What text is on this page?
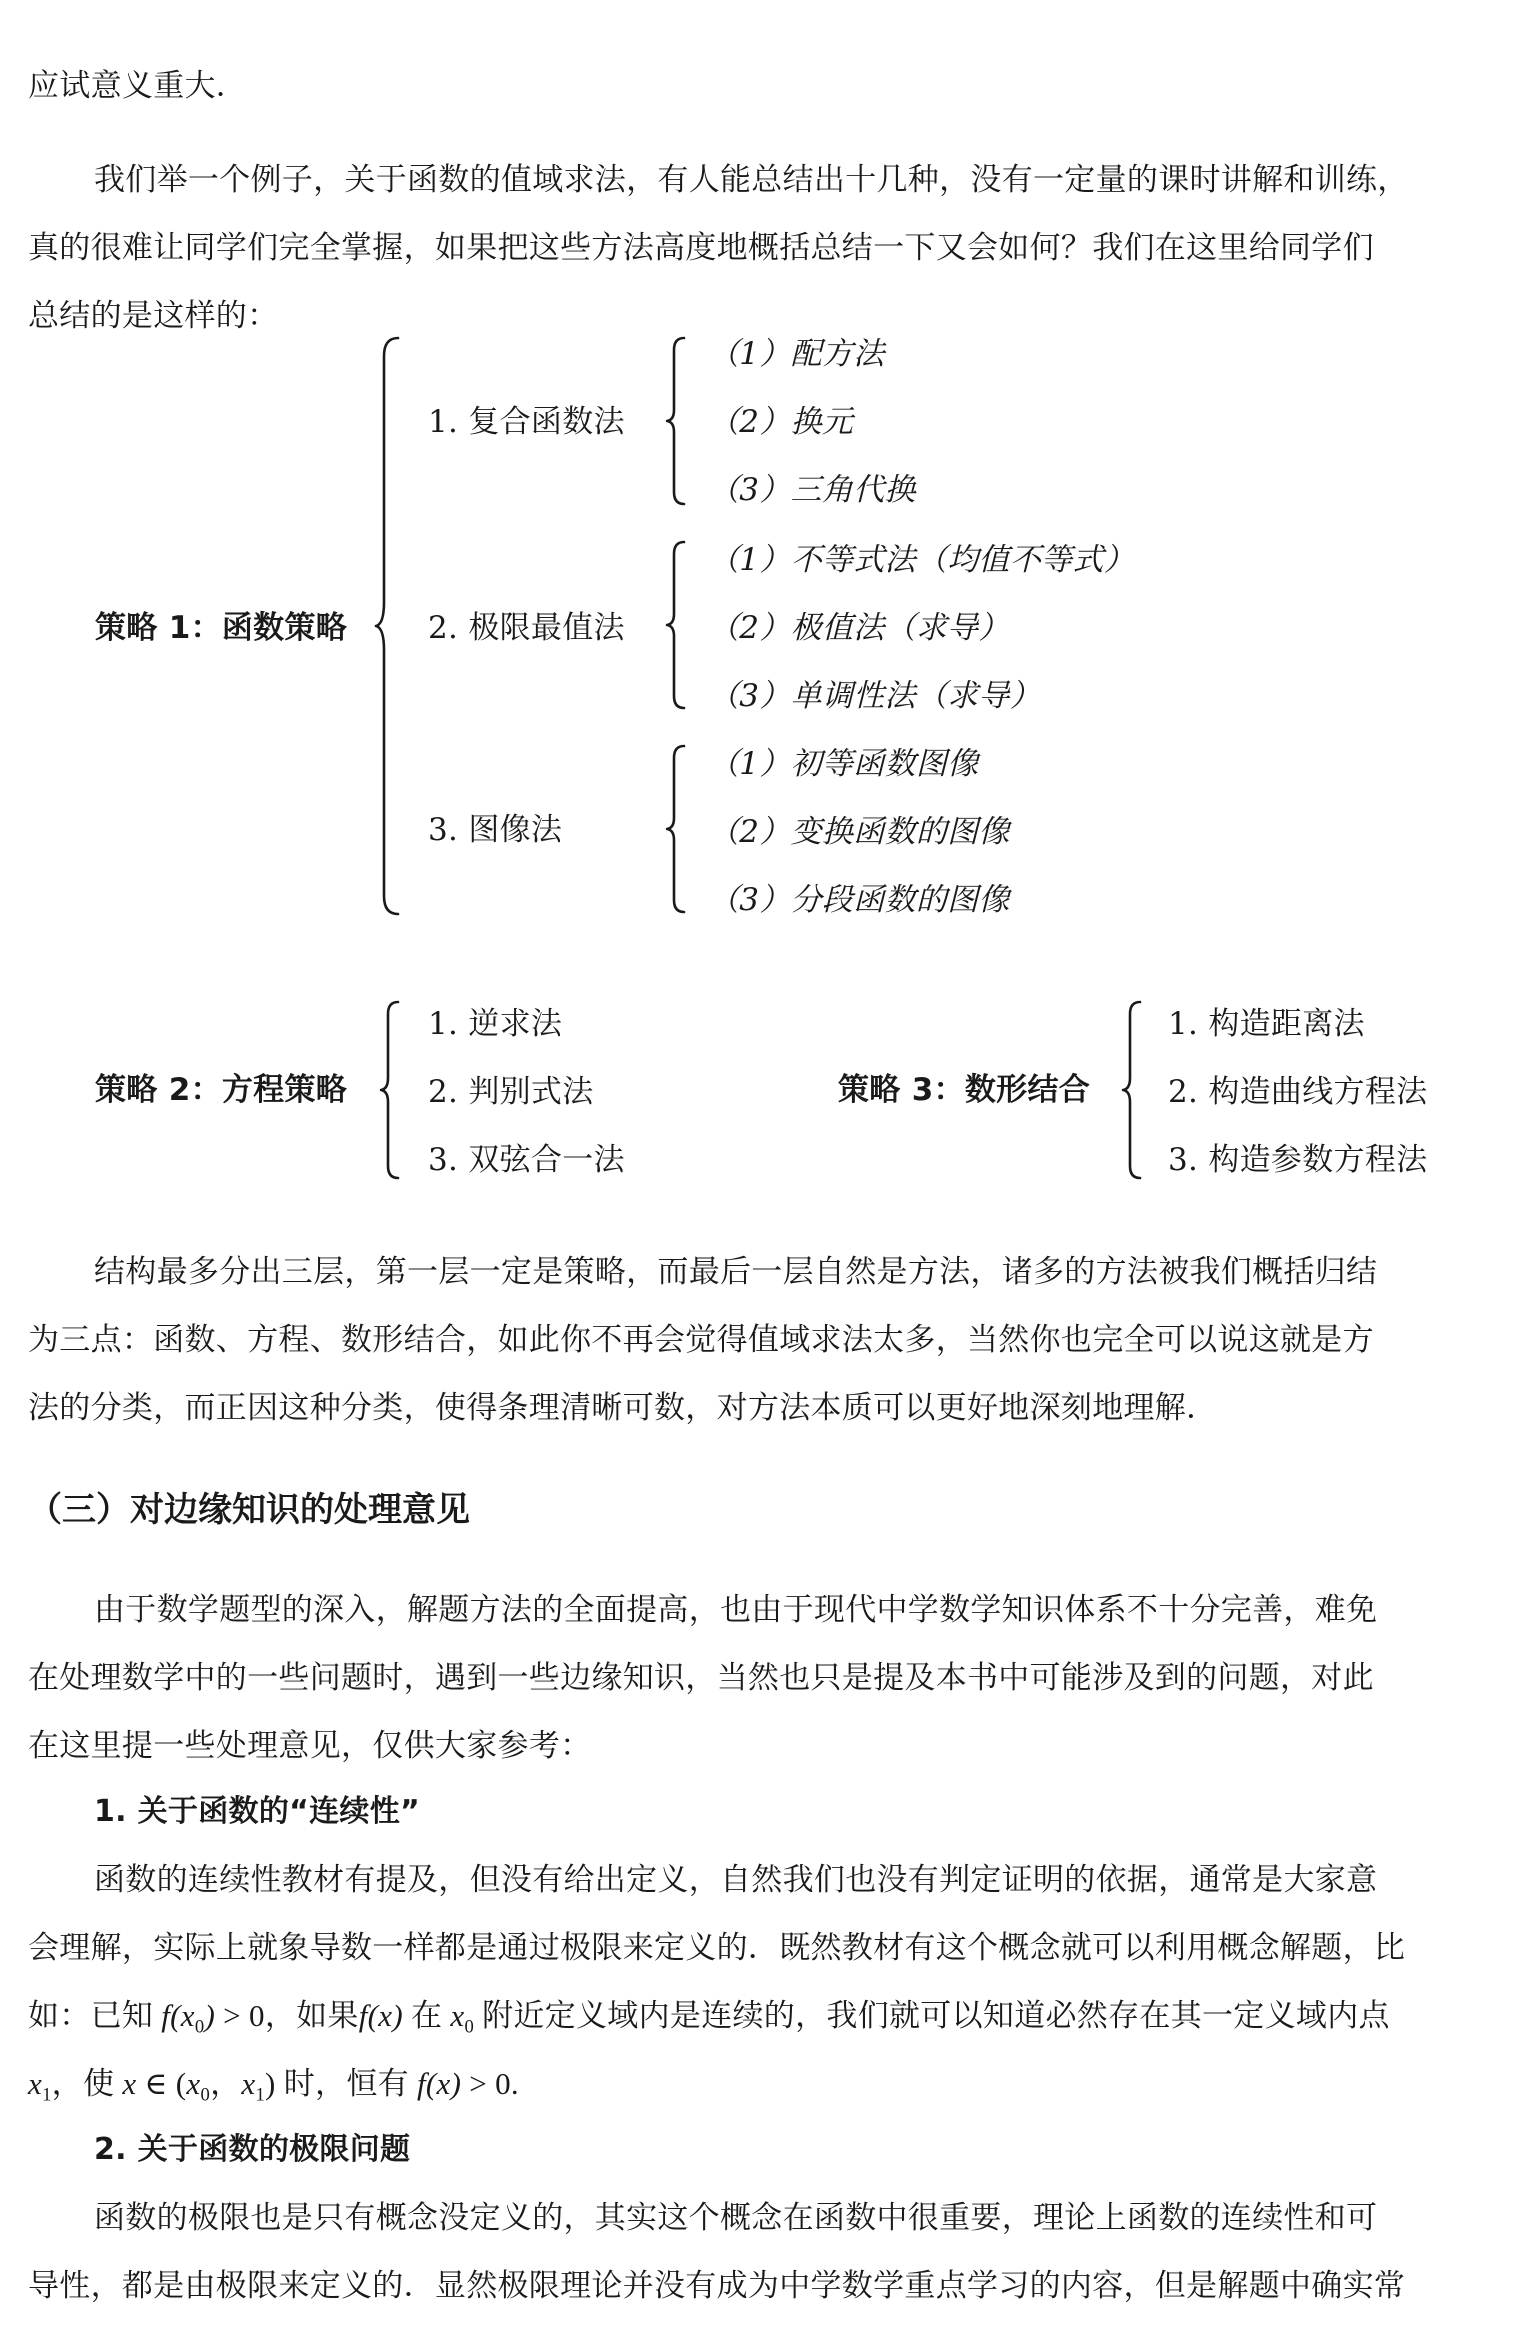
应试意义重大．
我们举一个例子，关于函数的值域求法，有人能总结出十几种，没有一定量的课时讲解和训练，
真的很难让同学们完全掌握，如果把这些方法高度地概括总结一下又会如何？我们在这里给同学们
总结的是这样的：
策略 1：函数策略
1. 复合函数法
（1）配方法
（2）换元
（3）三角代换
2. 极限最值法
（1）不等式法（均值不等式）
（2）极值法（求导）
（3）单调性法（求导）
3. 图像法
（1）初等函数图像
（2）变换函数的图像
（3）分段函数的图像
策略 2：方程策略
1. 逆求法
2. 判别式法
3. 双弦合一法
策略 3：数形结合
1. 构造距离法
2. 构造曲线方程法
3. 构造参数方程法
结构最多分出三层，第一层一定是策略，而最后一层自然是方法，诸多的方法被我们概括归结
为三点：函数、方程、数形结合，如此你不再会觉得值域求法太多，当然你也完全可以说这就是方
法的分类，而正因这种分类，使得条理清晰可数，对方法本质可以更好地深刻地理解．
（三）对边缘知识的处理意见
由于数学题型的深入，解题方法的全面提高，也由于现代中学数学知识体系不十分完善，难免
在处理数学中的一些问题时，遇到一些边缘知识，当然也只是提及本书中可能涉及到的问题，对此
在这里提一些处理意见，仅供大家参考：
1. 关于函数的“连续性”
函数的连续性教材有提及，但没有给出定义，自然我们也没有判定证明的依据，通常是大家意
会理解，实际上就象导数一样都是通过极限来定义的．既然教材有这个概念就可以利用概念解题，比
如：已知 $f(x_0) > 0$，如果f(x) 在 $x_0$ 附近定义域内是连续的，我们就可以知道必然存在其一定义域内点
$x_1$，使 x ∈ ($x_0$，$x_1$) 时，恒有 f(x) > 0.
2. 关于函数的极限问题
函数的极限也是只有概念没定义的，其实这个概念在函数中很重要，理论上函数的连续性和可
导性，都是由极限来定义的．显然极限理论并没有成为中学数学重点学习的内容，但是解题中确实常
